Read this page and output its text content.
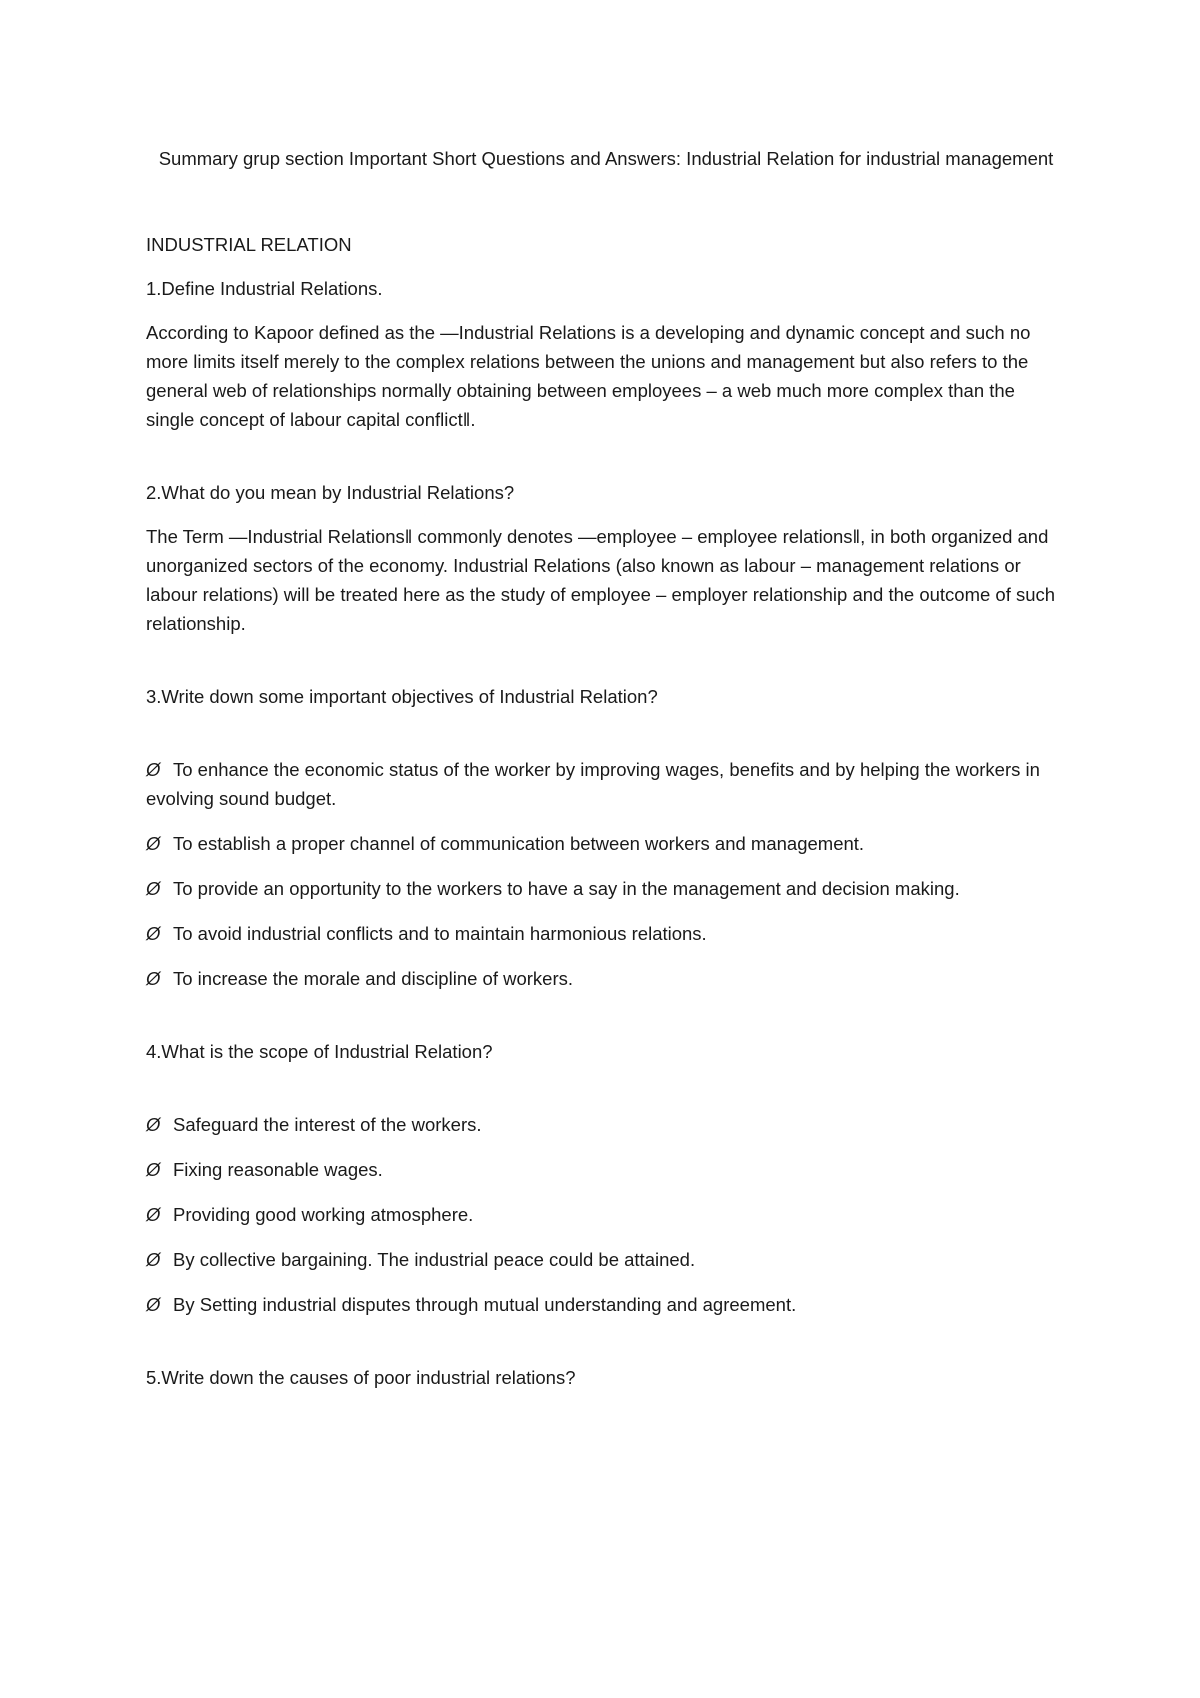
Summary grup section Important Short Questions and Answers: Industrial Relation for industrial management

INDUSTRIAL RELATION

1.Define Industrial Relations.

According to Kapoor defined as the ―Industrial Relations is a developing and dynamic concept and such no more limits itself merely to the complex relations between the unions and management but also refers to the general web of relationships normally obtaining between employees – a web much more complex than the single concept of labour capital conflict‖.

2.What do you mean by Industrial Relations?

The Term ―Industrial Relations‖ commonly denotes ―employee – employee relations‖, in both organized and unorganized sectors of the economy. Industrial Relations (also known as labour – management relations or labour relations) will be treated here as the study of employee – employer relationship and the outcome of such relationship.

3.Write down some important objectives of Industrial Relation?

Ø To enhance the economic status of the worker by improving wages, benefits and by helping the workers in evolving sound budget.

Ø To establish a proper channel of communication between workers and management.

Ø To provide an opportunity to the workers to have a say in the management and decision making.

Ø To avoid industrial conflicts and to maintain harmonious relations.

Ø To increase the morale and discipline of workers.

4.What is the scope of Industrial Relation?

Ø Safeguard the interest of the workers.

Ø Fixing reasonable wages.

Ø Providing good working atmosphere.

Ø By collective bargaining. The industrial peace could be attained.

Ø By Setting industrial disputes through mutual understanding and agreement.

5.Write down the causes of poor industrial relations?
